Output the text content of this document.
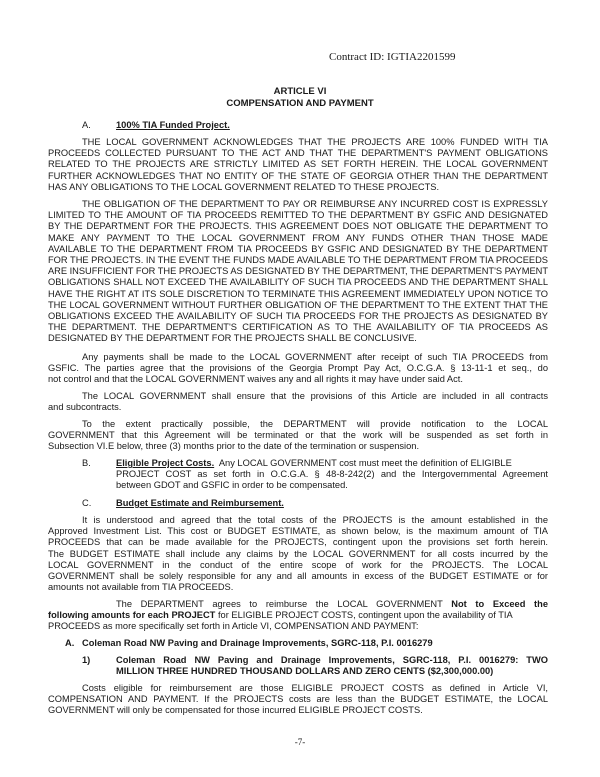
Contract ID: IGTIA2201599
ARTICLE VI
COMPENSATION AND PAYMENT
A.	100% TIA Funded Project.
THE LOCAL GOVERNMENT ACKNOWLEDGES THAT THE PROJECTS ARE 100% FUNDED WITH TIA
PROCEEDS COLLECTED PURSUANT TO THE ACT AND THAT THE DEPARTMENT'S PAYMENT OBLIGATIONS
RELATED TO THE PROJECTS ARE STRICTLY LIMITED AS SET FORTH HEREIN. THE LOCAL GOVERNMENT
FURTHER ACKNOWLEDGES THAT NO ENTITY OF THE STATE OF GEORGIA OTHER THAN THE DEPARTMENT
HAS ANY OBLIGATIONS TO THE LOCAL GOVERNMENT RELATED TO THESE PROJECTS.
THE OBLIGATION OF THE DEPARTMENT TO PAY OR REIMBURSE ANY INCURRED COST IS EXPRESSLY
LIMITED TO THE AMOUNT OF TIA PROCEEDS REMITTED TO THE DEPARTMENT BY GSFIC AND DESIGNATED
BY THE DEPARTMENT FOR THE PROJECTS. THIS AGREEMENT DOES NOT OBLIGATE THE DEPARTMENT TO
MAKE ANY PAYMENT TO THE LOCAL GOVERNMENT FROM ANY FUNDS OTHER THAN THOSE MADE
AVAILABLE TO THE DEPARTMENT FROM TIA PROCEEDS BY GSFIC AND DESIGNATED BY THE DEPARTMENT
FOR THE PROJECTS. IN THE EVENT THE FUNDS MADE AVAILABLE TO THE DEPARTMENT FROM TIA PROCEEDS
ARE INSUFFICIENT FOR THE PROJECTS AS DESIGNATED BY THE DEPARTMENT, THE DEPARTMENT'S PAYMENT
OBLIGATIONS SHALL NOT EXCEED THE AVAILABILITY OF SUCH TIA PROCEEDS AND THE DEPARTMENT SHALL
HAVE THE RIGHT AT ITS SOLE DISCRETION TO TERMINATE THIS AGREEMENT IMMEDIATELY UPON NOTICE TO
THE LOCAL GOVERNMENT WITHOUT FURTHER OBLIGATION OF THE DEPARTMENT TO THE EXTENT THAT THE
OBLIGATIONS EXCEED THE AVAILABILITY OF SUCH TIA PROCEEDS FOR THE PROJECTS AS DESIGNATED BY
THE DEPARTMENT. THE DEPARTMENT'S CERTIFICATION AS TO THE AVAILABILITY OF TIA PROCEEDS AS
DESIGNATED BY THE DEPARTMENT FOR THE PROJECTS SHALL BE CONCLUSIVE.
Any payments shall be made to the LOCAL GOVERNMENT after receipt of such TIA PROCEEDS from
GSFIC. The parties agree that the provisions of the Georgia Prompt Pay Act, O.C.G.A. § 13-11-1 et seq., do
not control and that the LOCAL GOVERNMENT waives any and all rights it may have under said Act.
The LOCAL GOVERNMENT shall ensure that the provisions of this Article are included in all contracts
and subcontracts.
To the extent practically possible, the DEPARTMENT will provide notification to the LOCAL
GOVERNMENT that this Agreement will be terminated or that the work will be suspended as set forth in
Subsection VI.E below, three (3) months prior to the date of the termination or suspension.
B.	Eligible Project Costs. Any LOCAL GOVERNMENT cost must meet the definition of ELIGIBLE
PROJECT COST as set forth in O.C.G.A. § 48-8-242(2) and the Intergovernmental Agreement
between GDOT and GSFIC in order to be compensated.
C.	Budget Estimate and Reimbursement.
It is understood and agreed that the total costs of the PROJECTS is the amount established in the
Approved Investment List. This cost or BUDGET ESTIMATE, as shown below, is the maximum amount of TIA
PROCEEDS that can be made available for the PROJECTS, contingent upon the provisions set forth herein.
The BUDGET ESTIMATE shall include any claims by the LOCAL GOVERNMENT for all costs incurred by the
LOCAL GOVERNMENT in the conduct of the entire scope of work for the PROJECTS. The LOCAL
GOVERNMENT shall be solely responsible for any and all amounts in excess of the BUDGET ESTIMATE or for
amounts not available from TIA PROCEEDS.
The DEPARTMENT agrees to reimburse the LOCAL GOVERNMENT Not to Exceed the
following amounts for each PROJECT for ELIGIBLE PROJECT COSTS, contingent upon the availability of TIA
PROCEEDS as more specifically set forth in Article VI, COMPENSATION AND PAYMENT:
A. Coleman Road NW Paving and Drainage Improvements, SGRC-118, P.I. 0016279
1)	Coleman Road NW Paving and Drainage Improvements, SGRC-118, P.I. 0016279: TWO
MILLION THREE HUNDRED THOUSAND DOLLARS AND ZERO CENTS ($2,300,000.00)
Costs eligible for reimbursement are those ELIGIBLE PROJECT COSTS as defined in Article VI,
COMPENSATION AND PAYMENT. If the PROJECTS costs are less than the BUDGET ESTIMATE, the LOCAL
GOVERNMENT will only be compensated for those incurred ELIGIBLE PROJECT COSTS.
-7-
